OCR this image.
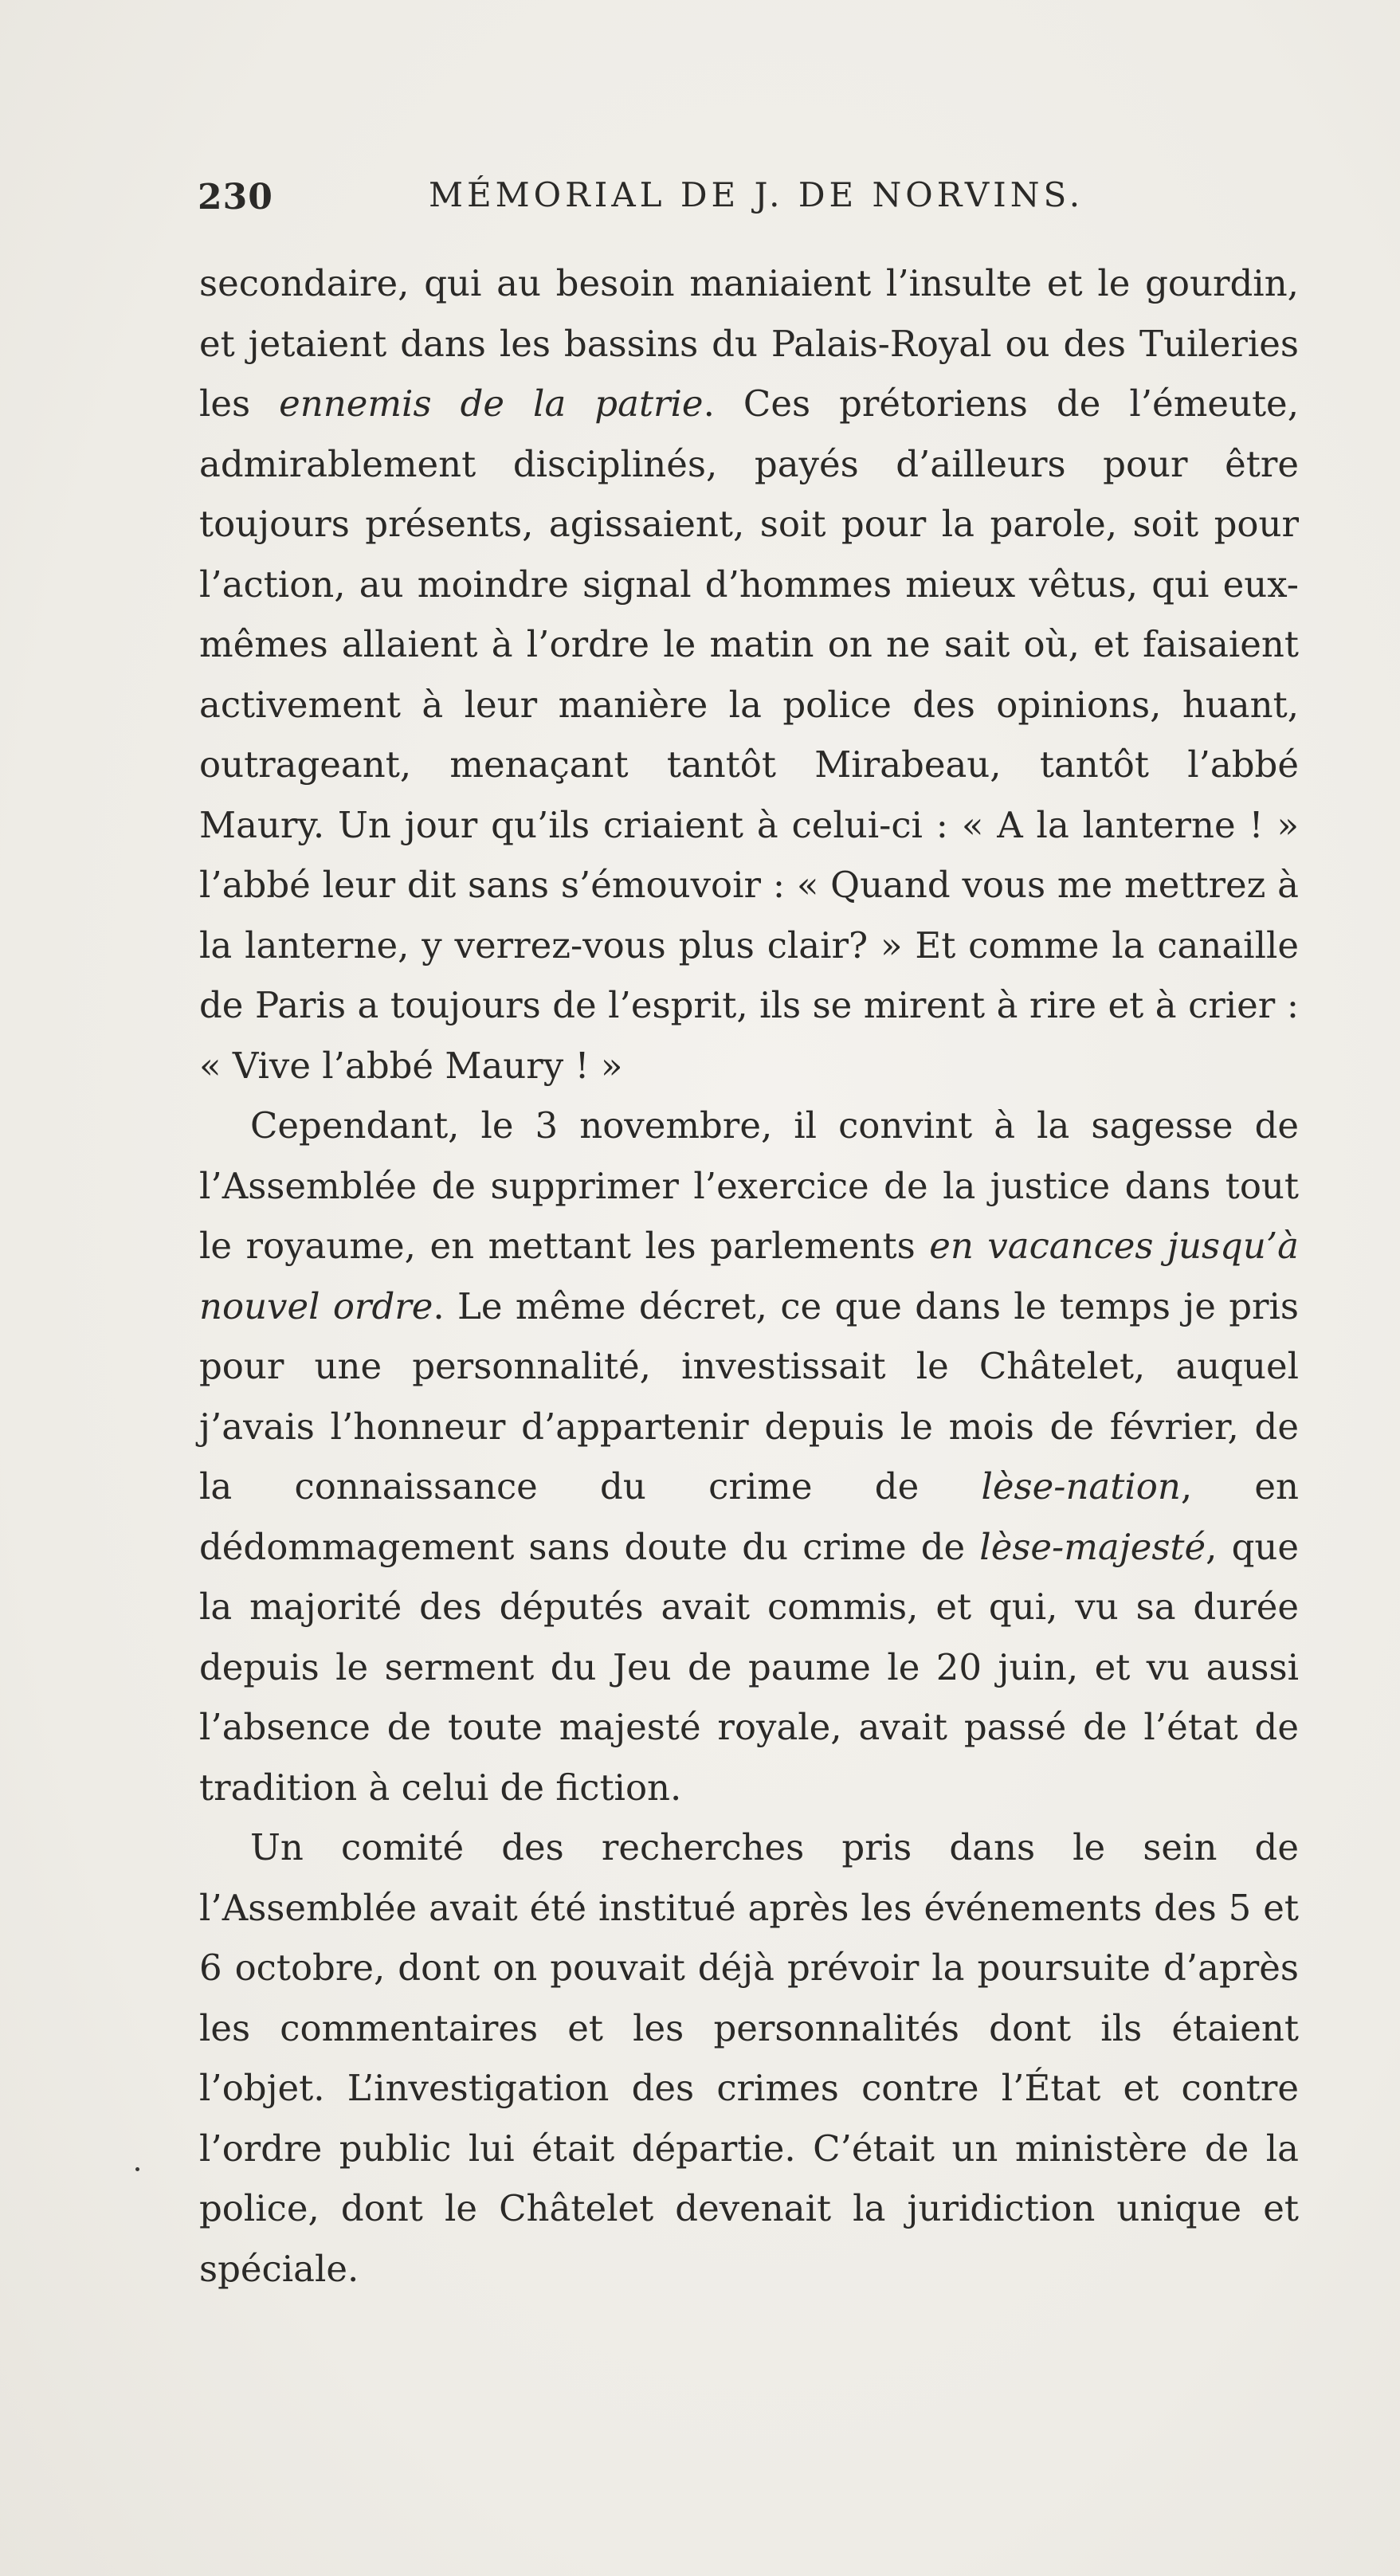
230	MÉMORIAL DE J. DE NORVINS.

secondaire, qui au besoin maniaient l’insulte et le gourdin, et jetaient dans les bassins du Palais-Royal ou des Tuileries les ennemis de la patrie. Ces prétoriens de l’émeute, admirablement disciplinés, payés d’ailleurs pour être toujours présents, agissaient, soit pour la parole, soit pour l’action, au moindre signal d’hommes mieux vêtus, qui eux-mêmes allaient à l’ordre le matin on ne sait où, et faisaient activement à leur manière la police des opinions, huant, outrageant, menaçant tantôt Mirabeau, tantôt l’abbé Maury. Un jour qu’ils criaient à celui-ci : « A la lanterne ! » l’abbé leur dit sans s’émouvoir : « Quand vous me mettrez à la lanterne, y verrez-vous plus clair? » Et comme la canaille de Paris a toujours de l’esprit, ils se mirent à rire et à crier : « Vive l’abbé Maury ! »

Cependant, le 3 novembre, il convint à la sagesse de l’Assemblée de supprimer l’exercice de la justice dans tout le royaume, en mettant les parlements en vacances jusqu’à nouvel ordre. Le même décret, ce que dans le temps je pris pour une personnalité, investissait le Châtelet, auquel j’avais l’honneur d’appartenir depuis le mois de février, de la connaissance du crime de lèse-nation, en dédommagement sans doute du crime de lèse-majesté, que la majorité des députés avait commis, et qui, vu sa durée depuis le serment du Jeu de paume le 20 juin, et vu aussi l’absence de toute majesté royale, avait passé de l’état de tradition à celui de fiction.

Un comité des recherches pris dans le sein de l’Assemblée avait été institué après les événements des 5 et 6 octobre, dont on pouvait déjà prévoir la poursuite d’après les commentaires et les personnalités dont ils étaient l’objet. L’investigation des crimes contre l’État et contre l’ordre public lui était départie. C’était un ministère de la police, dont le Châtelet devenait la juridiction unique et spéciale.
